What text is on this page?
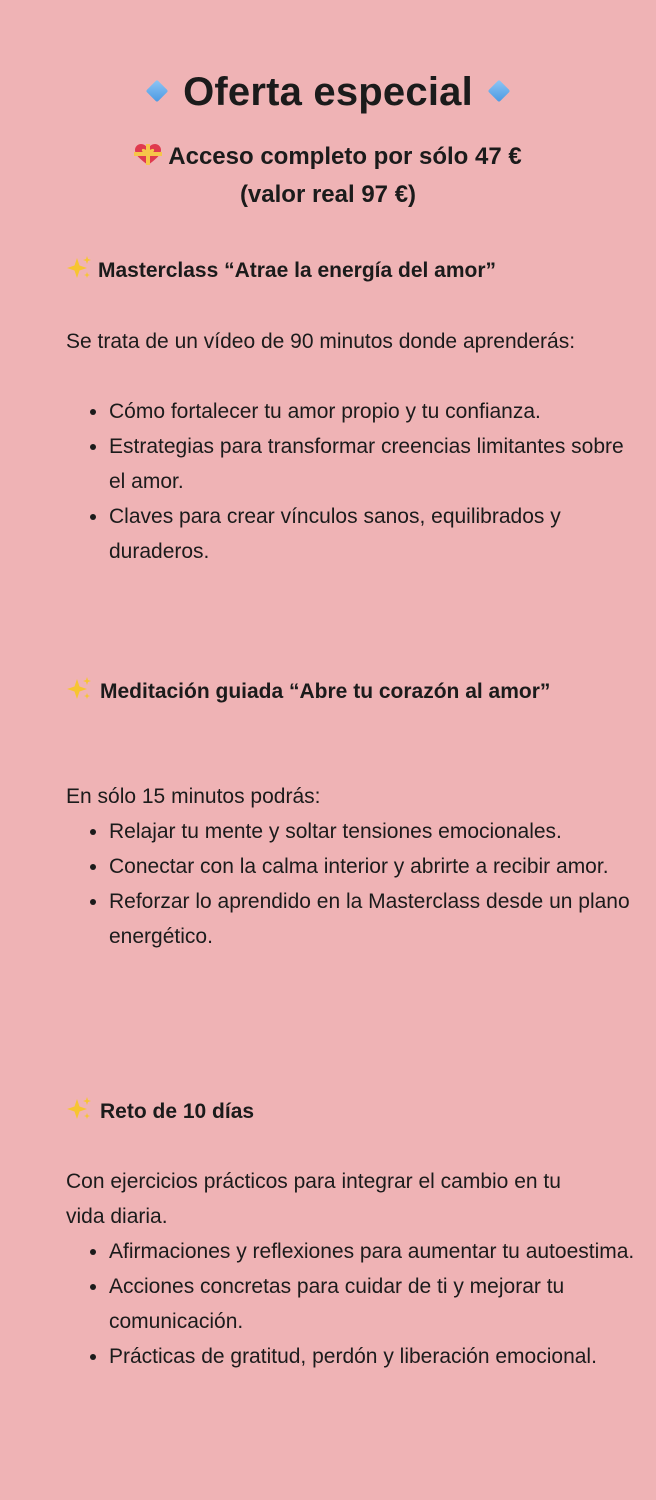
Oferta especial
Acceso completo por sólo 47 €
(valor real 97 €)
Masterclass “Atrae la energía del amor”
Se trata de un vídeo de 90 minutos donde aprenderás:
Cómo fortalecer tu amor propio y tu confianza.
Estrategias para transformar creencias limitantes sobre el amor.
Claves para crear vínculos sanos, equilibrados y duraderos.
Meditación guiada “Abre tu corazón al amor”
En sólo 15 minutos podrás:
Relajar tu mente y soltar tensiones emocionales.
Conectar con la calma interior y abrirte a recibir amor.
Reforzar lo aprendido en la Masterclass desde un plano energético.
Reto de 10 días
Con ejercicios prácticos para integrar el cambio en tu vida diaria.
Afirmaciones y reflexiones para aumentar tu autoestima.
Acciones concretas para cuidar de ti y mejorar tu comunicación.
Prácticas de gratitud, perdón y liberación emocional.
